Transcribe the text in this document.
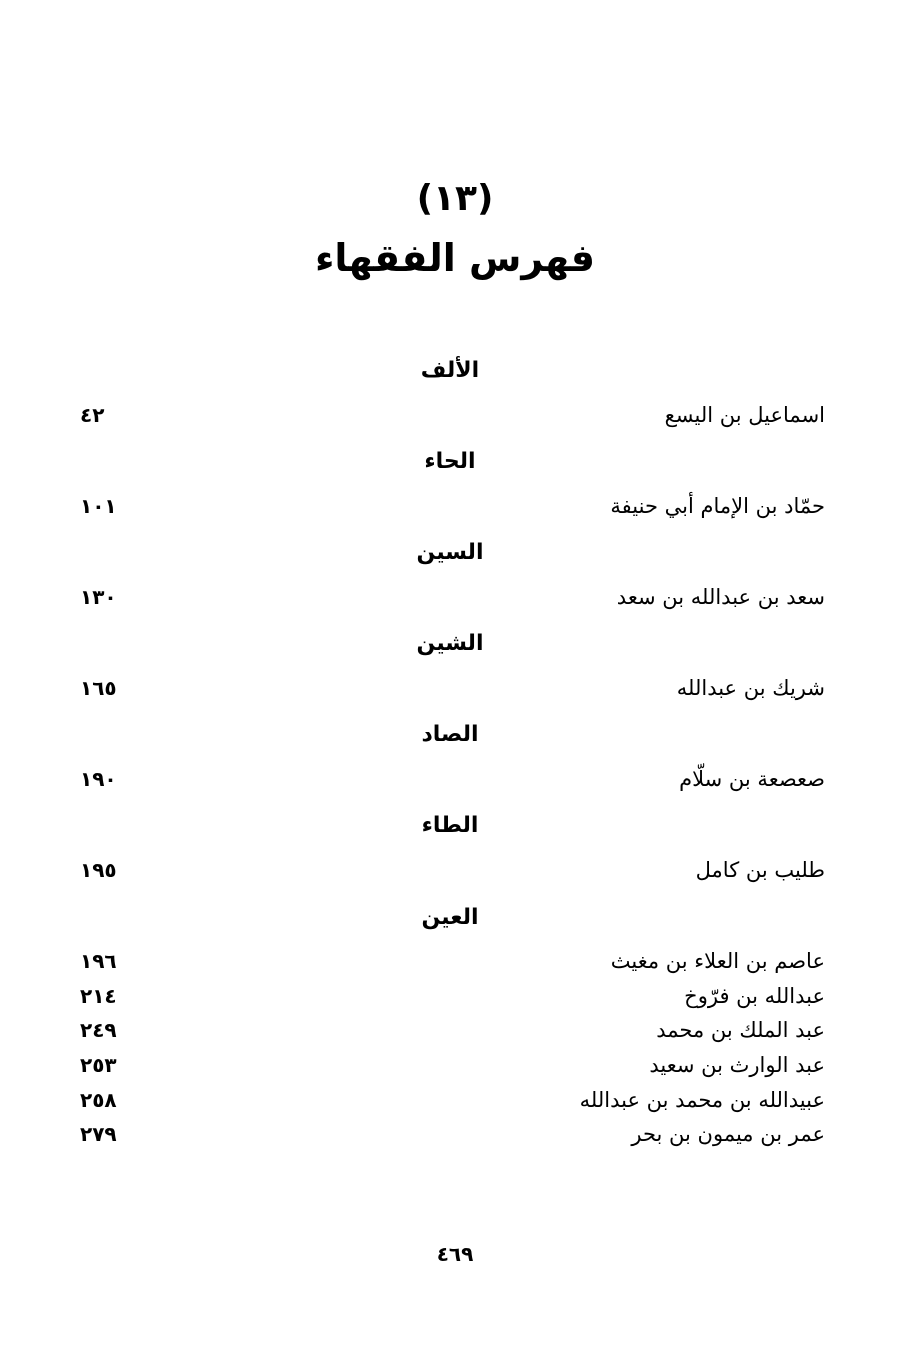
(١٣)
فهرس الفقهاء
الألف
اسماعيل بن اليسع
٤٢
الحاء
حمّاد بن الإمام أبي حنيفة
١٠١
السين
سعد بن عبدالله بن سعد
١٣٠
الشين
شريك بن عبدالله
١٦٥
الصاد
صعصعة بن سلّام
١٩٠
الطاء
طليب بن كامل
١٩٥
العين
عاصم بن العلاء بن مغيث
١٩٦
عبدالله بن فرّوخ
٢١٤
عبد الملك بن محمد
٢٤٩
عبد الوارث بن سعيد
٢٥٣
عبيدالله بن محمد بن عبدالله
٢٥٨
عمر بن ميمون بن بحر
٢٧٩
٤٦٩
